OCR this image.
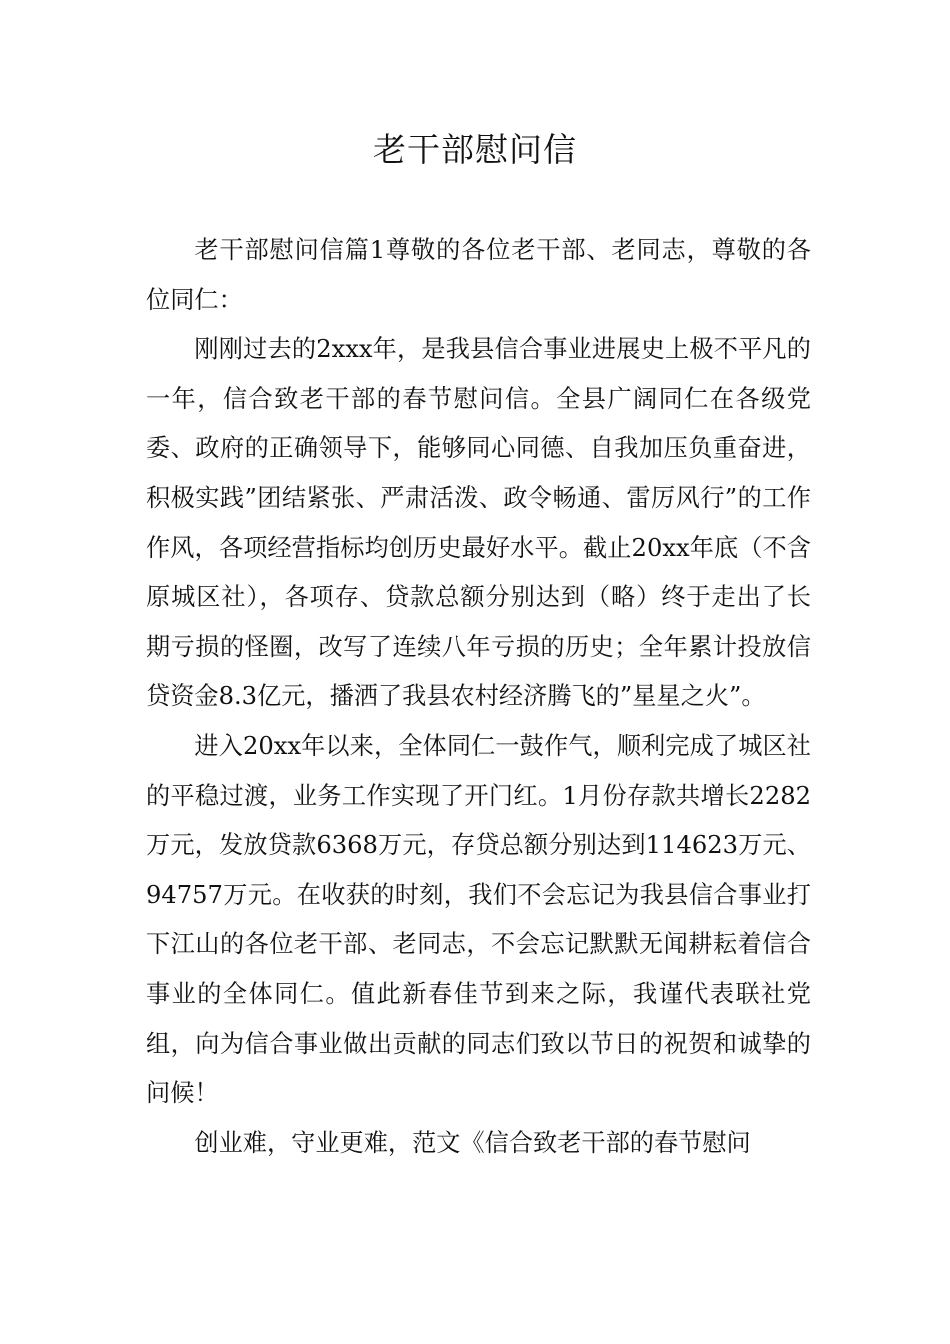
老干部慰问信

老干部慰问信篇1尊敬的各位老干部、老同志，尊敬的各位同仁：

刚刚过去的2xxx年，是我县信合事业进展史上极不平凡的一年，信合致老干部的春节慰问信。全县广阔同仁在各级党委、政府的正确领导下，能够同心同德、自我加压负重奋进，积极实践”团结紧张、严肃活泼、政令畅通、雷厉风行”的工作作风，各项经营指标均创历史最好水平。截止20xx年底（不含原城区社），各项存、贷款总额分别达到（略）终于走出了长期亏损的怪圈，改写了连续八年亏损的历史；全年累计投放信贷资金8.3亿元，播洒了我县农村经济腾飞的”星星之火”。

进入20xx年以来，全体同仁一鼓作气，顺利完成了城区社的平稳过渡，业务工作实现了开门红。1月份存款共增长2282万元，发放贷款6368万元，存贷总额分别达到114623万元、94757万元。在收获的时刻，我们不会忘记为我县信合事业打下江山的各位老干部、老同志，不会忘记默默无闻耕耘着信合事业的全体同仁。值此新春佳节到来之际，我谨代表联社党组，向为信合事业做出贡献的同志们致以节日的祝贺和诚挚的问候！

创业难，守业更难，范文《信合致老干部的春节慰问
